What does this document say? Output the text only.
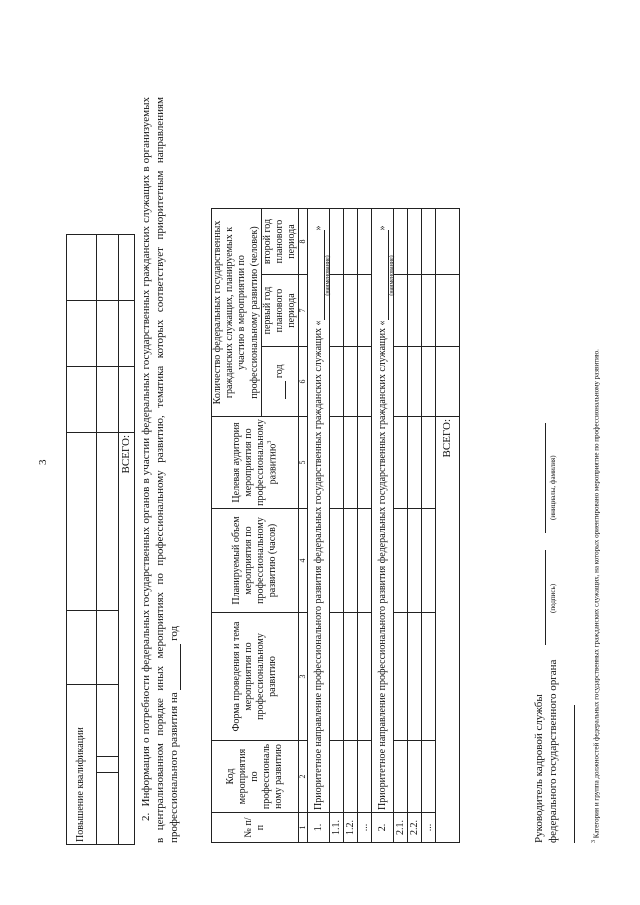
3
Повышение квалификации							

ВСЕГО:							

2.  Информация о потребности федеральных государственных органов в участии федеральных государственных гражданских служащих в организуемых в централизованном порядке иных мероприятиях по профессиональному развитию, тематика которых соответствует приоритетным направлениям профессионального развития на  год

№ п/п	Код мероприятия по профессиональ ному развитию	Форма проведения и тема мероприятия по профессиональному развитию	Планируемый объем мероприятия по профессиональному развитию (часов)	Целевая аудитория мероприятия по профессиональному развитию$^3$	Количество федеральных государственных гражданских служащих, планируемых к участию в мероприятии по профессиональному развитию (человек)		
					год	первый год планового периода	второй год планового периода
1	2	3	4	5	6	7	8
1.	Приоритетное направление профессионального развития федеральных государственных гражданских служащих «
(наименование)
»						
1.1.							
1.2.							
...							
2.	Приоритетное направление профессионального развития федеральных государственных гражданских служащих «
(наименование)
»						
2.1.							
2.2.							
...							
ВСЕГО:							
Руководитель кадровой службы федерального государственного органа
(подпись)
(инициалы, фамилия)
$^3$ Категория и группа должностей федеральных государственных гражданских служащих, на которых ориентировано мероприятие по профессиональному развитию.
